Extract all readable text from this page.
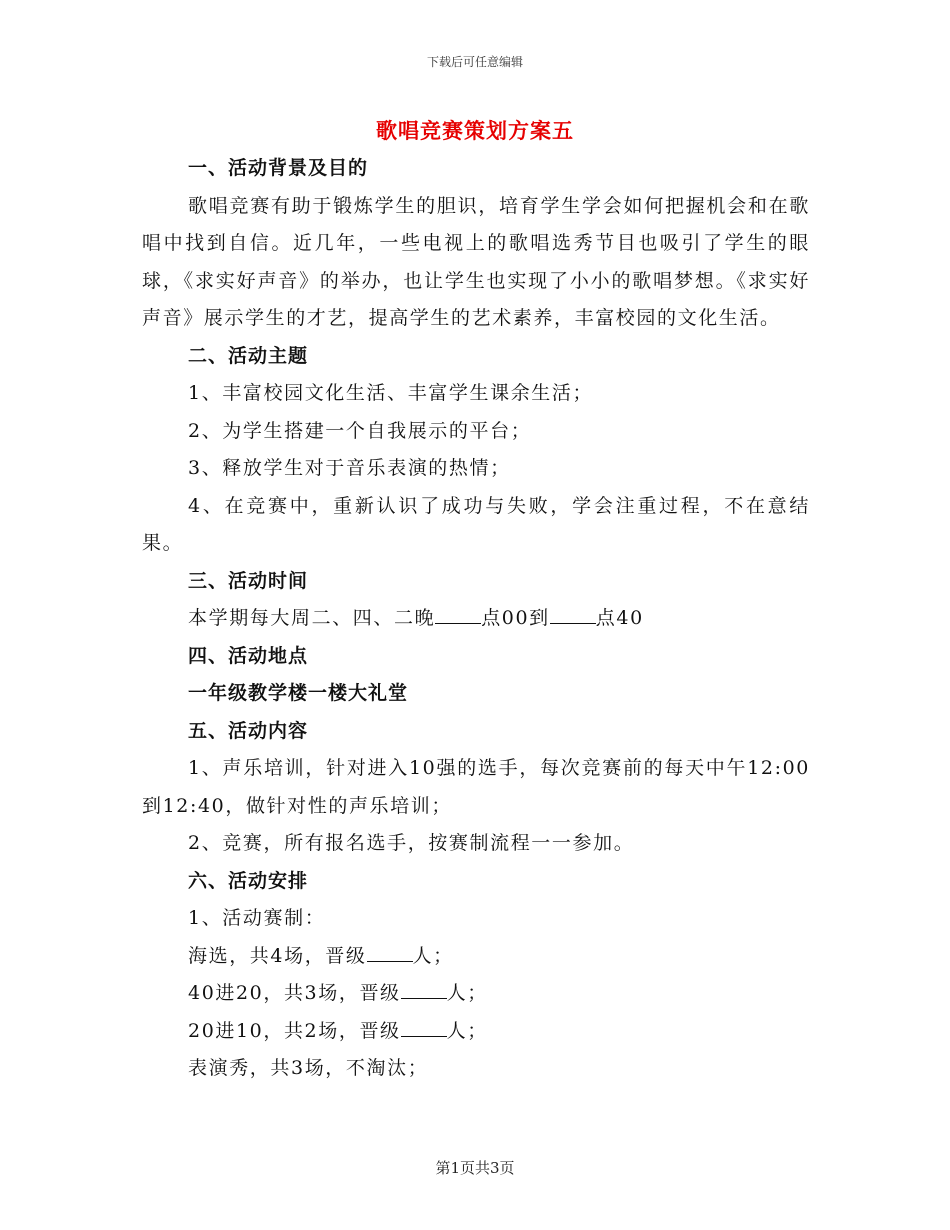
下载后可任意编辑
歌唱竞赛策划方案五

一、活动背景及目的

歌唱竞赛有助于锻炼学生的胆识，培育学生学会如何把握机会和在歌唱中找到自信。近几年，一些电视上的歌唱选秀节目也吸引了学生的眼球，《求实好声音》的举办，也让学生也实现了小小的歌唱梦想。《求实好声音》展示学生的才艺，提高学生的艺术素养，丰富校园的文化生活。

二、活动主题

1、丰富校园文化生活、丰富学生课余生活；

2、为学生搭建一个自我展示的平台；

3、释放学生对于音乐表演的热情；

4、在竞赛中，重新认识了成功与失败，学会注重过程，不在意结果。

三、活动时间

本学期每大周二、四、二晚 点00到 点40

四、活动地点

一年级教学楼一楼大礼堂

五、活动内容

1、声乐培训，针对进入10强的选手，每次竞赛前的每天中午12:00到12:40，做针对性的声乐培训；

2、竞赛，所有报名选手，按赛制流程一一参加。

六、活动安排

1、活动赛制：

海选，共4场，晋级 人；

40进20，共3场，晋级 人；

20进10，共2场，晋级 人；

表演秀，共3场，不淘汰；

第1页共3页
